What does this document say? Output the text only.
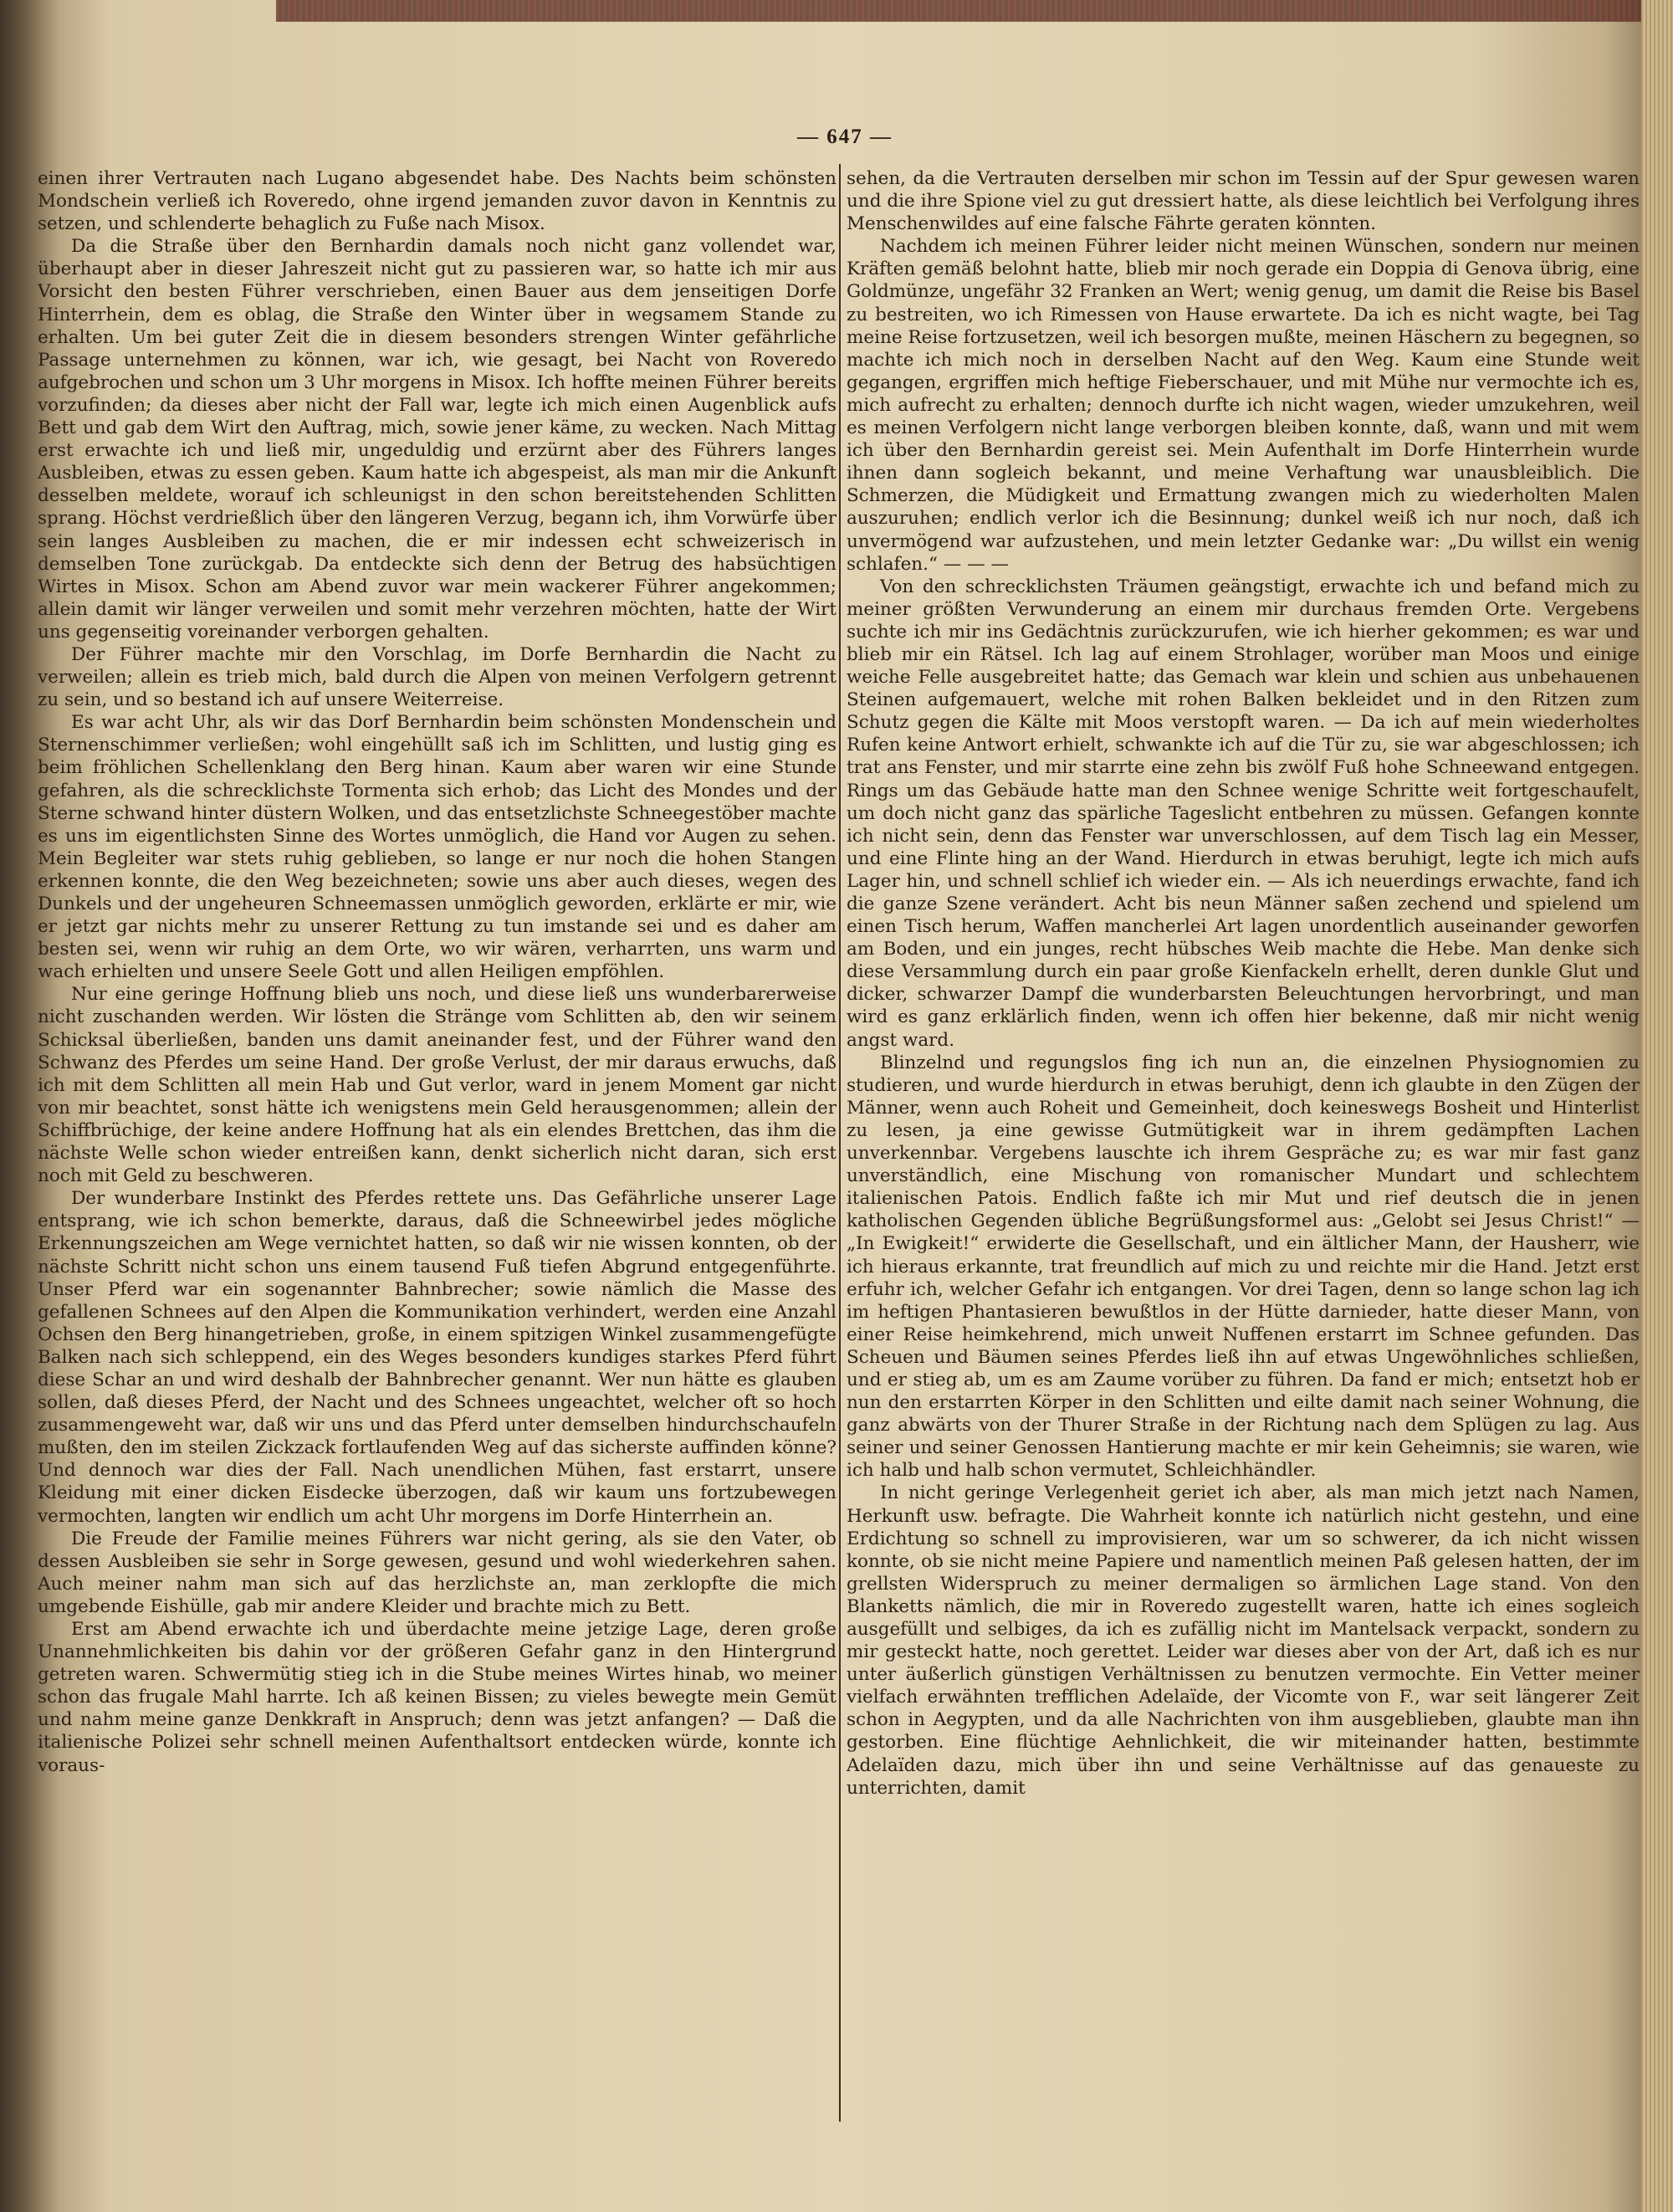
— 647 —

einen ihrer Vertrauten nach Lugano abgesendet habe. Des Nachts beim schönsten Mondschein verließ ich Roveredo, ohne irgend jemanden zuvor davon in Kenntnis zu setzen, und schlenderte behaglich zu Fuße nach Misox.

Da die Straße über den Bernhardin damals noch nicht ganz vollendet war, überhaupt aber in dieser Jahreszeit nicht gut zu passieren war, so hatte ich mir aus Vorsicht den besten Führer verschrieben, einen Bauer aus dem jenseitigen Dorfe Hinterrhein, dem es oblag, die Straße den Winter über in wegsamem Stande zu erhalten. Um bei guter Zeit die in diesem besonders strengen Winter gefährliche Passage unternehmen zu können, war ich, wie gesagt, bei Nacht von Roveredo aufgebrochen und schon um 3 Uhr morgens in Misox. Ich hoffte meinen Führer bereits vorzufinden; da dieses aber nicht der Fall war, legte ich mich einen Augenblick aufs Bett und gab dem Wirt den Auftrag, mich, sowie jener käme, zu wecken. Nach Mittag erst erwachte ich und ließ mir, ungeduldig und erzürnt aber des Führers langes Ausbleiben, etwas zu essen geben. Kaum hatte ich abgespeist, als man mir die Ankunft desselben meldete, worauf ich schleunigst in den schon bereitstehenden Schlitten sprang. Höchst verdrießlich über den längeren Verzug, begann ich, ihm Vorwürfe über sein langes Ausbleiben zu machen, die er mir indessen echt schweizerisch in demselben Tone zurückgab. Da entdeckte sich denn der Betrug des habsüchtigen Wirtes in Misox. Schon am Abend zuvor war mein wackerer Führer angekommen; allein damit wir länger verweilen und somit mehr verzehren möchten, hatte der Wirt uns gegenseitig voreinander verborgen gehalten.

Der Führer machte mir den Vorschlag, im Dorfe Bernhardin die Nacht zu verweilen; allein es trieb mich, bald durch die Alpen von meinen Verfolgern getrennt zu sein, und so bestand ich auf unsere Weiterreise.

Es war acht Uhr, als wir das Dorf Bernhardin beim schönsten Mondenschein und Sternenschimmer verließen; wohl eingehüllt saß ich im Schlitten, und lustig ging es beim fröhlichen Schellenklang den Berg hinan. Kaum aber waren wir eine Stunde gefahren, als die schrecklichste Tormenta sich erhob; das Licht des Mondes und der Sterne schwand hinter düstern Wolken, und das entsetzlichste Schneegestöber machte es uns im eigentlichsten Sinne des Wortes unmöglich, die Hand vor Augen zu sehen. Mein Begleiter war stets ruhig geblieben, so lange er nur noch die hohen Stangen erkennen konnte, die den Weg bezeichneten; sowie uns aber auch dieses, wegen des Dunkels und der ungeheuren Schneemassen unmöglich geworden, erklärte er mir, wie er jetzt gar nichts mehr zu unserer Rettung zu tun imstande sei und es daher am besten sei, wenn wir ruhig an dem Orte, wo wir wären, verharrten, uns warm und wach erhielten und unsere Seele Gott und allen Heiligen empföhlen.

Nur eine geringe Hoffnung blieb uns noch, und diese ließ uns wunderbarerweise nicht zuschanden werden. Wir lösten die Stränge vom Schlitten ab, den wir seinem Schicksal überließen, banden uns damit aneinander fest, und der Führer wand den Schwanz des Pferdes um seine Hand. Der große Verlust, der mir daraus erwuchs, daß ich mit dem Schlitten all mein Hab und Gut verlor, ward in jenem Moment gar nicht von mir beachtet, sonst hätte ich wenigstens mein Geld herausgenommen; allein der Schiffbrüchige, der keine andere Hoffnung hat als ein elendes Brettchen, das ihm die nächste Welle schon wieder entreißen kann, denkt sicherlich nicht daran, sich erst noch mit Geld zu beschweren.

Der wunderbare Instinkt des Pferdes rettete uns. Das Gefährliche unserer Lage entsprang, wie ich schon bemerkte, daraus, daß die Schneewirbel jedes mögliche Erkennungszeichen am Wege vernichtet hatten, so daß wir nie wissen konnten, ob der nächste Schritt nicht schon uns einem tausend Fuß tiefen Abgrund entgegenführte. Unser Pferd war ein sogenannter Bahnbrecher; sowie nämlich die Masse des gefallenen Schnees auf den Alpen die Kommunikation verhindert, werden eine Anzahl Ochsen den Berg hinangetrieben, große, in einem spitzigen Winkel zusammengefügte Balken nach sich schleppend, ein des Weges besonders kundiges starkes Pferd führt diese Schar an und wird deshalb der Bahnbrecher genannt. Wer nun hätte es glauben sollen, daß dieses Pferd, der Nacht und des Schnees ungeachtet, welcher oft so hoch zusammengeweht war, daß wir uns und das Pferd unter demselben hindurchschaufeln mußten, den im steilen Zickzack fortlaufenden Weg auf das sicherste auffinden könne? Und dennoch war dies der Fall. Nach unendlichen Mühen, fast erstarrt, unsere Kleidung mit einer dicken Eisdecke überzogen, daß wir kaum uns fortzubewegen vermochten, langten wir endlich um acht Uhr morgens im Dorfe Hinterrhein an.

Die Freude der Familie meines Führers war nicht gering, als sie den Vater, ob dessen Ausbleiben sie sehr in Sorge gewesen, gesund und wohl wiederkehren sahen. Auch meiner nahm man sich auf das herzlichste an, man zerklopfte die mich umgebende Eishülle, gab mir andere Kleider und brachte mich zu Bett.

Erst am Abend erwachte ich und überdachte meine jetzige Lage, deren große Unannehmlichkeiten bis dahin vor der größeren Gefahr ganz in den Hintergrund getreten waren. Schwermütig stieg ich in die Stube meines Wirtes hinab, wo meiner schon das frugale Mahl harrte. Ich aß keinen Bissen; zu vieles bewegte mein Gemüt und nahm meine ganze Denkkraft in Anspruch; denn was jetzt anfangen? — Daß die italienische Polizei sehr schnell meinen Aufenthaltsort entdecken würde, konnte ich voraus-

sehen, da die Vertrauten derselben mir schon im Tessin auf der Spur gewesen waren und die ihre Spione viel zu gut dressiert hatte, als diese leichtlich bei Verfolgung ihres Menschenwildes auf eine falsche Fährte geraten könnten.

Nachdem ich meinen Führer leider nicht meinen Wünschen, sondern nur meinen Kräften gemäß belohnt hatte, blieb mir noch gerade ein Doppia di Genova übrig, eine Goldmünze, ungefähr 32 Franken an Wert; wenig genug, um damit die Reise bis Basel zu bestreiten, wo ich Rimessen von Hause erwartete. Da ich es nicht wagte, bei Tag meine Reise fortzusetzen, weil ich besorgen mußte, meinen Häschern zu begegnen, so machte ich mich noch in derselben Nacht auf den Weg. Kaum eine Stunde weit gegangen, ergriffen mich heftige Fieberschauer, und mit Mühe nur vermochte ich es, mich aufrecht zu erhalten; dennoch durfte ich nicht wagen, wieder umzukehren, weil es meinen Verfolgern nicht lange verborgen bleiben konnte, daß, wann und mit wem ich über den Bernhardin gereist sei. Mein Aufenthalt im Dorfe Hinterrhein wurde ihnen dann sogleich bekannt, und meine Verhaftung war unausbleiblich. Die Schmerzen, die Müdigkeit und Ermattung zwangen mich zu wiederholten Malen auszuruhen; endlich verlor ich die Besinnung; dunkel weiß ich nur noch, daß ich unvermögend war aufzustehen, und mein letzter Gedanke war: „Du willst ein wenig schlafen.“ — — —

Von den schrecklichsten Träumen geängstigt, erwachte ich und befand mich zu meiner größten Verwunderung an einem mir durchaus fremden Orte. Vergebens suchte ich mir ins Gedächtnis zurückzurufen, wie ich hierher gekommen; es war und blieb mir ein Rätsel. Ich lag auf einem Strohlager, worüber man Moos und einige weiche Felle ausgebreitet hatte; das Gemach war klein und schien aus unbehauenen Steinen aufgemauert, welche mit rohen Balken bekleidet und in den Ritzen zum Schutz gegen die Kälte mit Moos verstopft waren. — Da ich auf mein wiederholtes Rufen keine Antwort erhielt, schwankte ich auf die Tür zu, sie war abgeschlossen; ich trat ans Fenster, und mir starrte eine zehn bis zwölf Fuß hohe Schneewand entgegen. Rings um das Gebäude hatte man den Schnee wenige Schritte weit fortgeschaufelt, um doch nicht ganz das spärliche Tageslicht entbehren zu müssen. Gefangen konnte ich nicht sein, denn das Fenster war unverschlossen, auf dem Tisch lag ein Messer, und eine Flinte hing an der Wand. Hierdurch in etwas beruhigt, legte ich mich aufs Lager hin, und schnell schlief ich wieder ein. — Als ich neuerdings erwachte, fand ich die ganze Szene verändert. Acht bis neun Männer saßen zechend und spielend um einen Tisch herum, Waffen mancherlei Art lagen unordentlich auseinander geworfen am Boden, und ein junges, recht hübsches Weib machte die Hebe. Man denke sich diese Versammlung durch ein paar große Kienfackeln erhellt, deren dunkle Glut und dicker, schwarzer Dampf die wunderbarsten Beleuchtungen hervorbringt, und man wird es ganz erklärlich finden, wenn ich offen hier bekenne, daß mir nicht wenig angst ward.

Blinzelnd und regungslos fing ich nun an, die einzelnen Physiognomien zu studieren, und wurde hierdurch in etwas beruhigt, denn ich glaubte in den Zügen der Männer, wenn auch Roheit und Gemeinheit, doch keineswegs Bosheit und Hinterlist zu lesen, ja eine gewisse Gutmütigkeit war in ihrem gedämpften Lachen unverkennbar. Vergebens lauschte ich ihrem Gespräche zu; es war mir fast ganz unverständlich, eine Mischung von romanischer Mundart und schlechtem italienischen Patois. Endlich faßte ich mir Mut und rief deutsch die in jenen katholischen Gegenden übliche Begrüßungsformel aus: „Gelobt sei Jesus Christ!“ — „In Ewigkeit!“ erwiderte die Gesellschaft, und ein ältlicher Mann, der Hausherr, wie ich hieraus erkannte, trat freundlich auf mich zu und reichte mir die Hand. Jetzt erst erfuhr ich, welcher Gefahr ich entgangen. Vor drei Tagen, denn so lange schon lag ich im heftigen Phantasieren bewußtlos in der Hütte darnieder, hatte dieser Mann, von einer Reise heimkehrend, mich unweit Nuffenen erstarrt im Schnee gefunden. Das Scheuen und Bäumen seines Pferdes ließ ihn auf etwas Ungewöhnliches schließen, und er stieg ab, um es am Zaume vorüber zu führen. Da fand er mich; entsetzt hob er nun den erstarrten Körper in den Schlitten und eilte damit nach seiner Wohnung, die ganz abwärts von der Thurer Straße in der Richtung nach dem Splügen zu lag. Aus seiner und seiner Genossen Hantierung machte er mir kein Geheimnis; sie waren, wie ich halb und halb schon vermutet, Schleichhändler.

In nicht geringe Verlegenheit geriet ich aber, als man mich jetzt nach Namen, Herkunft usw. befragte. Die Wahrheit konnte ich natürlich nicht gestehn, und eine Erdichtung so schnell zu improvisieren, war um so schwerer, da ich nicht wissen konnte, ob sie nicht meine Papiere und namentlich meinen Paß gelesen hatten, der im grellsten Widerspruch zu meiner dermaligen so ärmlichen Lage stand. Von den Blanketts nämlich, die mir in Roveredo zugestellt waren, hatte ich eines sogleich ausgefüllt und selbiges, da ich es zufällig nicht im Mantelsack verpackt, sondern zu mir gesteckt hatte, noch gerettet. Leider war dieses aber von der Art, daß ich es nur unter äußerlich günstigen Verhältnissen zu benutzen vermochte. Ein Vetter meiner vielfach erwähnten trefflichen Adelaïde, der Vicomte von F., war seit längerer Zeit schon in Aegypten, und da alle Nachrichten von ihm ausgeblieben, glaubte man ihn gestorben. Eine flüchtige Aehnlichkeit, die wir miteinander hatten, bestimmte Adelaïden dazu, mich über ihn und seine Verhältnisse auf das genaueste zu unterrichten, damit
